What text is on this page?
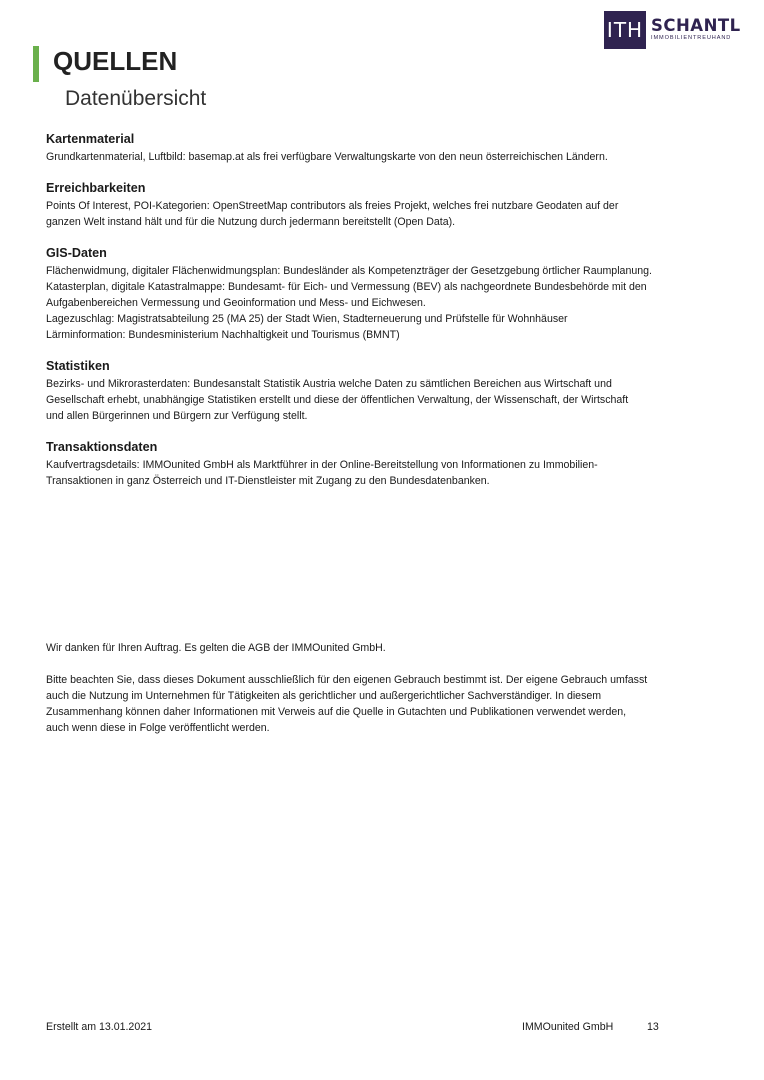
ITH SCHANTL
IMMOBILIENTREUHAND
QUELLEN
Datenübersicht
Kartenmaterial

Grundkartenmaterial, Luftbild: basemap.at als frei verfügbare Verwaltungskarte von den neun österreichischen Ländern.

Erreichbarkeiten

Points Of Interest, POI-Kategorien: OpenStreetMap contributors als freies Projekt, welches frei nutzbare Geodaten auf der
ganzen Welt instand hält und für die Nutzung durch jedermann bereitstellt (Open Data).

GIS-Daten

Flächenwidmung, digitaler Flächenwidmungsplan: Bundesländer als Kompetenzträger der Gesetzgebung örtlicher Raumplanung.
Katasterplan, digitale Katastralmappe: Bundesamt- für Eich- und Vermessung (BEV) als nachgeordnete Bundesbehörde mit den
Aufgabenbereichen Vermessung und Geoinformation und Mess- und Eichwesen.
Lagezuschlag: Magistratsabteilung 25 (MA 25) der Stadt Wien, Stadterneuerung und Prüfstelle für Wohnhäuser
Lärminformation: Bundesministerium Nachhaltigkeit und Tourismus (BMNT)

Statistiken

Bezirks- und Mikrorasterdaten: Bundesanstalt Statistik Austria welche Daten zu sämtlichen Bereichen aus Wirtschaft und
Gesellschaft erhebt, unabhängige Statistiken erstellt und diese der öffentlichen Verwaltung, der Wissenschaft, der Wirtschaft
und allen Bürgerinnen und Bürgern zur Verfügung stellt.

Transaktionsdaten

Kaufvertragsdetails: IMMOunited GmbH als Marktführer in der Online-Bereitstellung von Informationen zu Immobilien-
Transaktionen in ganz Österreich und IT-Dienstleister mit Zugang zu den Bundesdatenbanken.

Wir danken für Ihren Auftrag. Es gelten die AGB der IMMOunited GmbH.

Bitte beachten Sie, dass dieses Dokument ausschließlich für den eigenen Gebrauch bestimmt ist. Der eigene Gebrauch umfasst
auch die Nutzung im Unternehmen für Tätigkeiten als gerichtlicher und außergerichtlicher Sachverständiger. In diesem
Zusammenhang können daher Informationen mit Verweis auf die Quelle in Gutachten und Publikationen verwendet werden,
auch wenn diese in Folge veröffentlicht werden.

Erstellt am 13.01.2021	IMMOunited GmbH	13
